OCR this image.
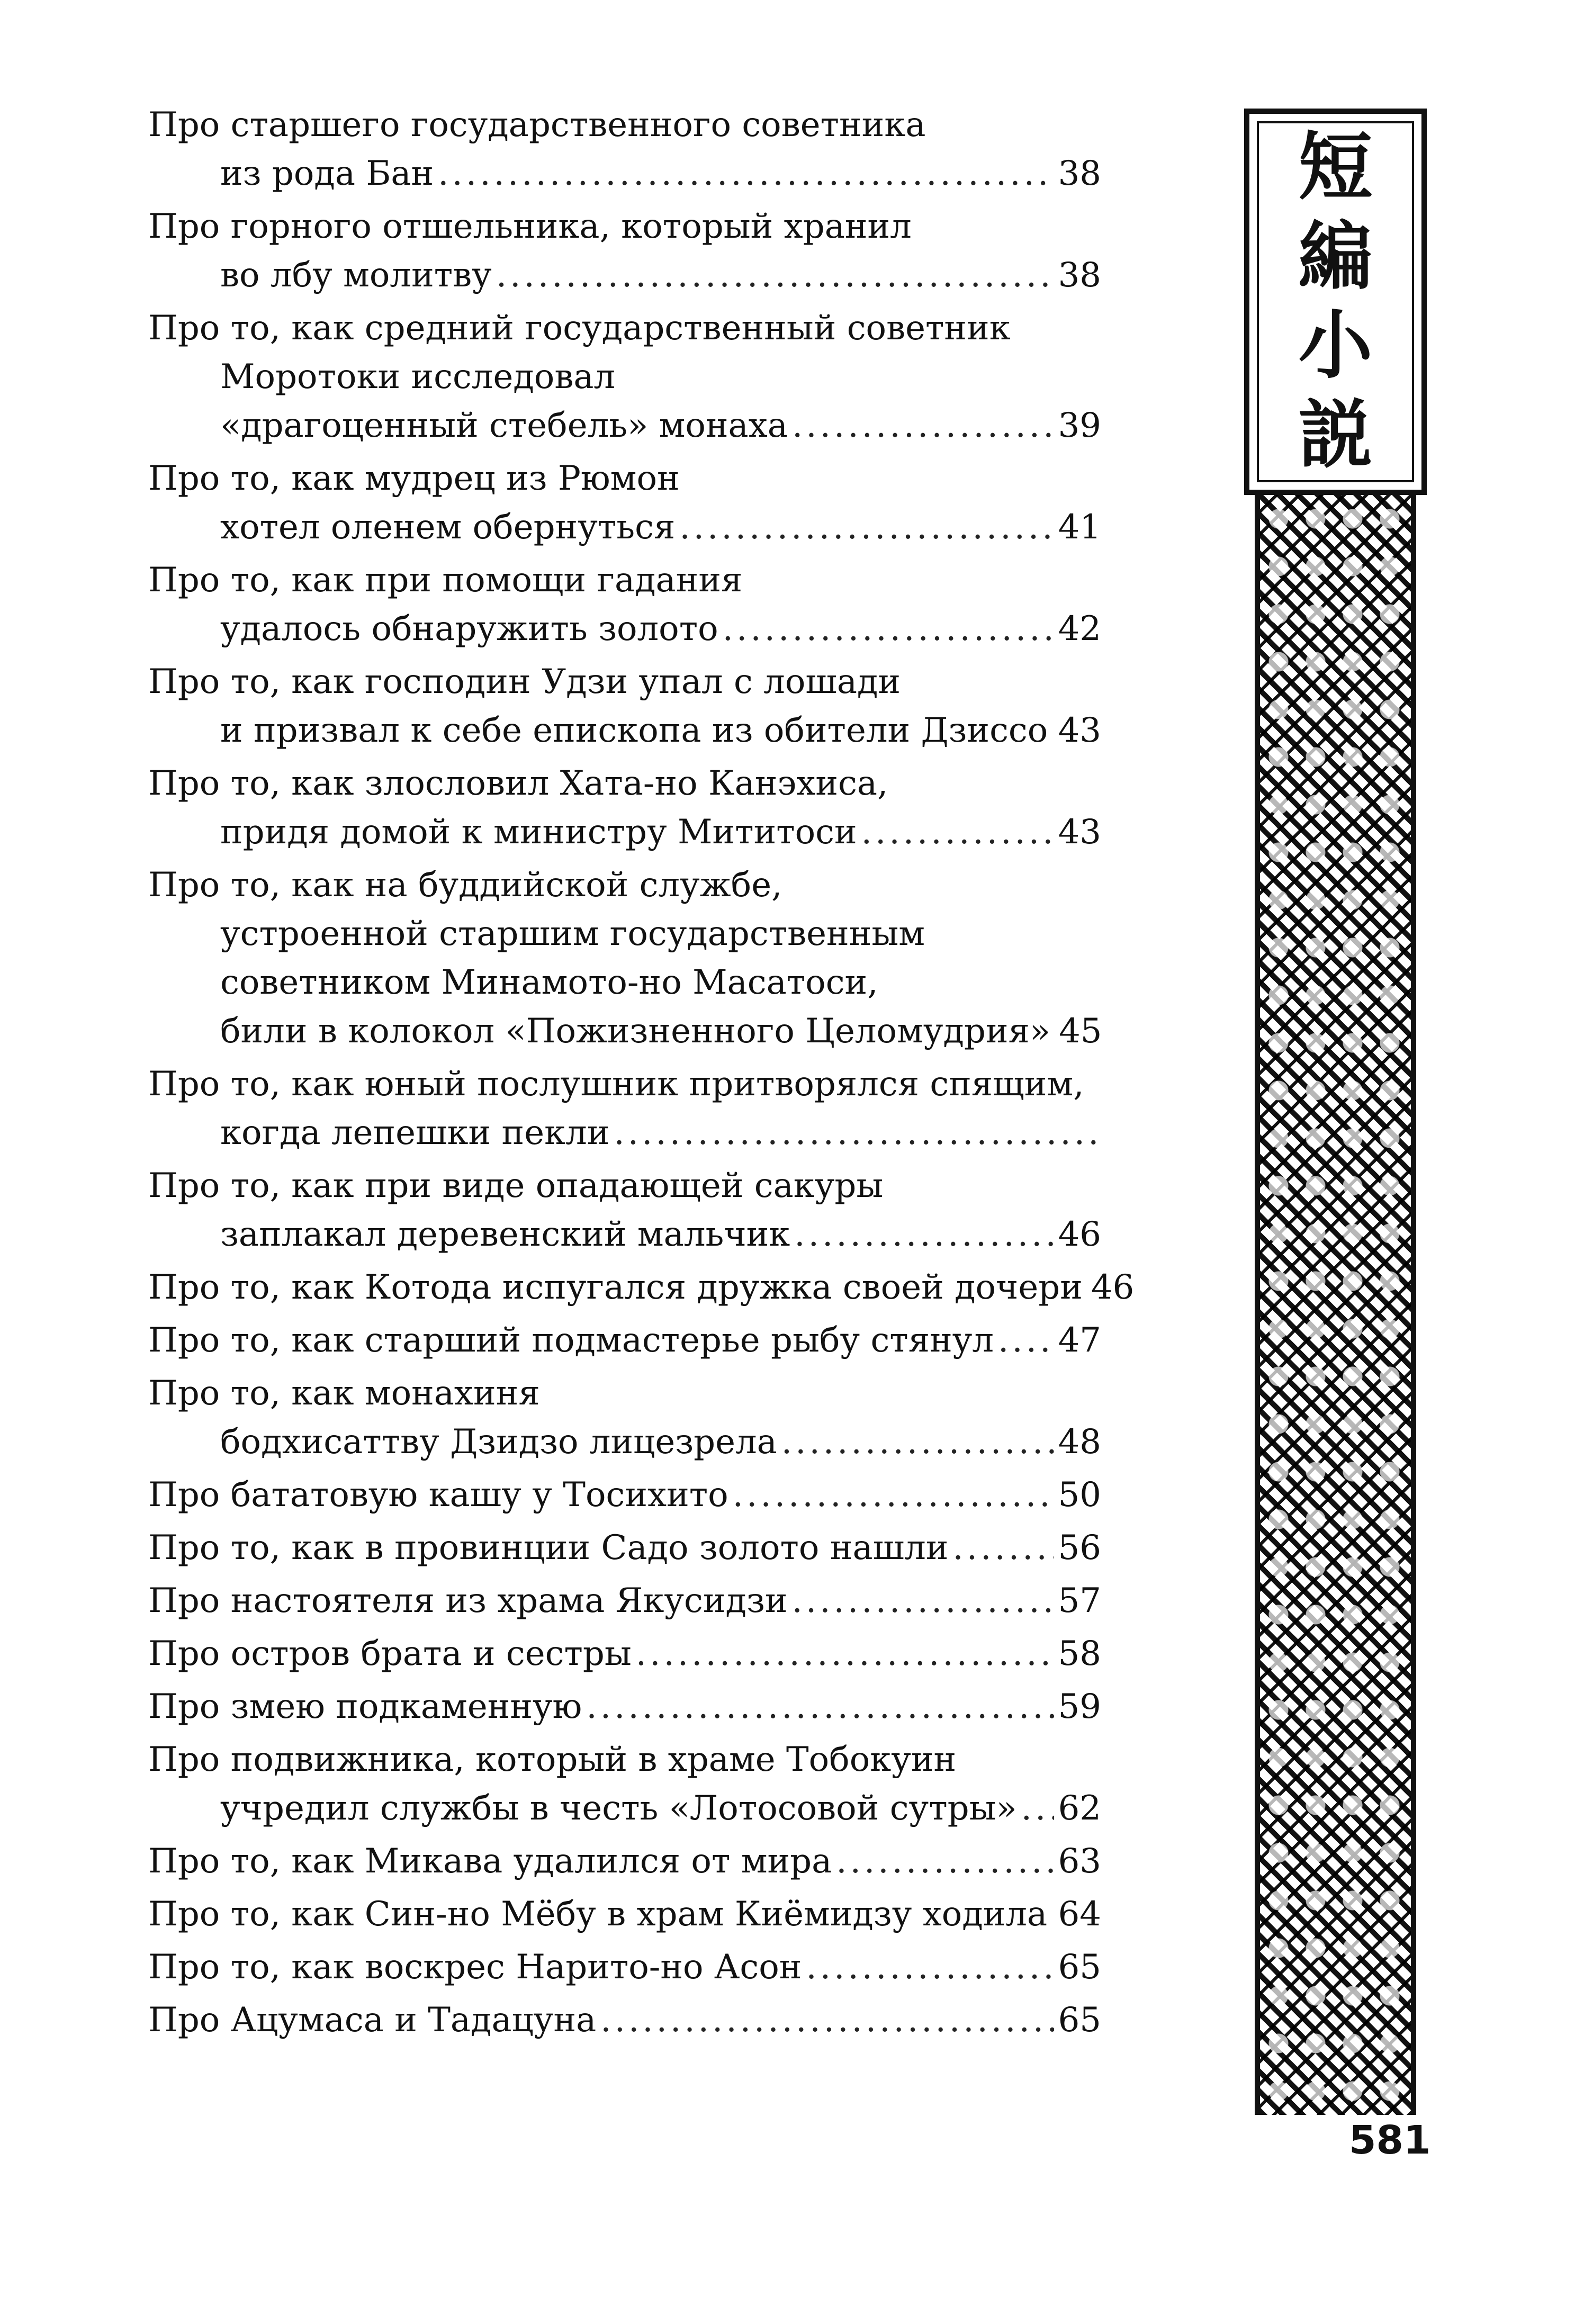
Про старшего государственного советника
из рода Бан .....	38
Про горного отшельника, который хранил
во лбу молитву .....	38
Про то, как средний государственный советник
Моротоки исследовал
«драгоценный стебель» монаха .....	39
Про то, как мудрец из Рюмон
хотел оленем обернуться .....	41
Про то, как при помощи гадания
удалось обнаружить золото .....	42
Про то, как господин Удзи упал с лошади
и призвал к себе епископа из обители Дзиссо ..... 43
Про то, как злословил Хата-но Канэхиса,
придя домой к министру Мититоси .....	43
Про то, как на буддийской службе,
устроенной старшим государственным
советником Минамото-но Масатоси,
били в колокол «Пожизненного Целомудрия» 45
Про то, как юный послушник притворялся спящим,
когда лепешки пекли
.....
Про то, как при виде опадающей сакуры
заплакал деревенский мальчик .....	46
Про то, как Котода испугался дружка своей дочери 46
Про то, как старший подмастерье рыбу стянул ..... 47
Про то, как монахиня
бодхисаттву Дзидзо лицезрела .....	48
Про бататовую кашу у Тосихито .....	50
Про то, как в провинции Садо золото нашли .....	56
Про настоятеля из храма Якусидзи .....	57
Про остров брата и сестры .....	58
Про змею подкаменную .....	59
Про подвижника, который в храме Тобокуин
учредил службы в честь «Лотосовой сутры» ..... 62
Про то, как Микава удалился от мира .....	63
Про то, как Син-но Мёбу в храм Киёмидзу ходила ..... 64
Про то, как воскрес Нарито-но Асон .....	65
Про Ацумаса и Тадацуна .....	65
短
編
小
説
581
